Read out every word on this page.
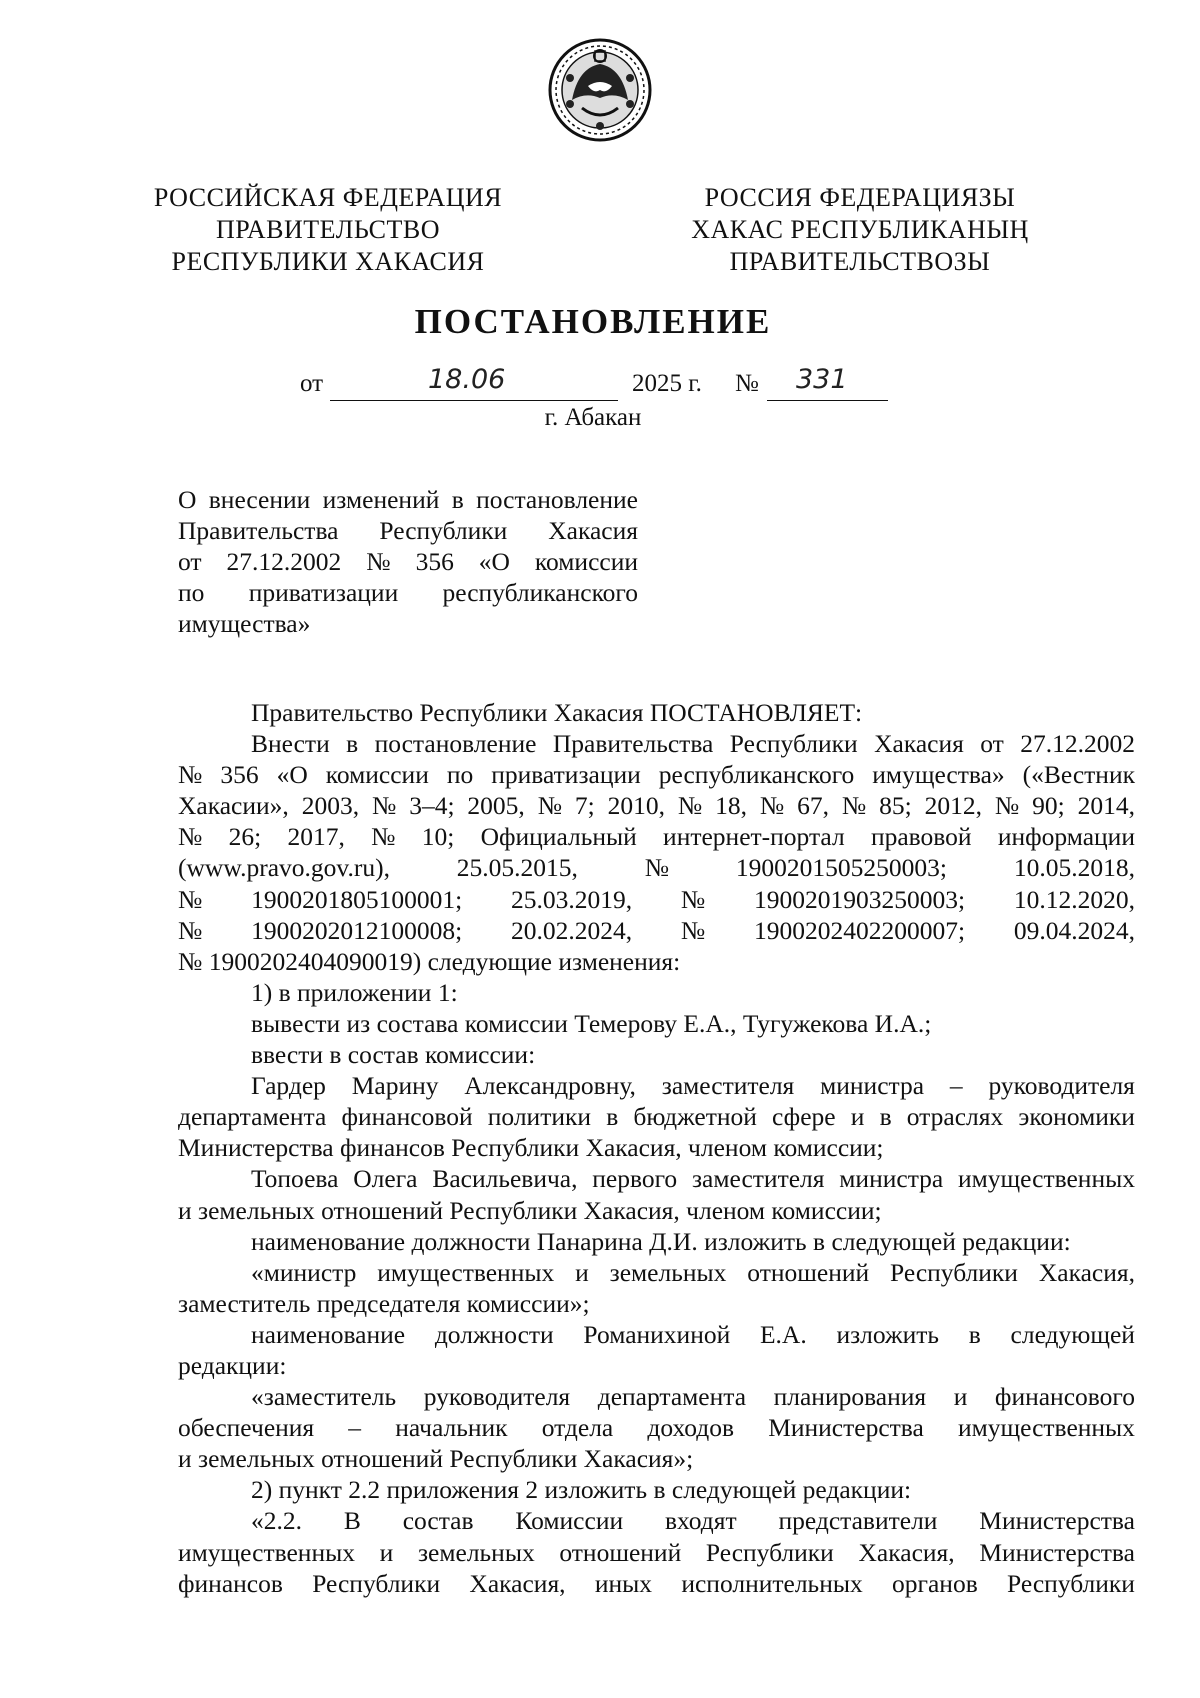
РОССИЙСКАЯ ФЕДЕРАЦИЯ
ПРАВИТЕЛЬСТВО
РЕСПУБЛИКИ ХАКАСИЯ
РОССИЯ ФЕДЕРАЦИЯЗЫ
ХАКАС РЕСПУБЛИКАНЫҢ
ПРАВИТЕЛЬСТВОЗЫ
ПОСТАНОВЛЕНИЕ
от	18.06	2025 г. № 331
г. Абакан
О внесении изменений в постановление
Правительства Республики Хакасия
от 27.12.2002 № 356 «О комиссии
по приватизации республиканского
имущества»
Правительство Республики Хакасия ПОСТАНОВЛЯЕТ:
Внести в постановление Правительства Республики Хакасия от 27.12.2002
№ 356 «О комиссии по приватизации республиканского имущества» («Вестник
Хакасии», 2003, № 3–4; 2005, № 7; 2010, № 18, № 67, № 85; 2012, № 90; 2014,
№ 26; 2017, № 10; Официальный интернет-портал правовой информации
(www.pravo.gov.ru),	25.05.2015,	№	1900201505250003;	10.05.2018,
№ 1900201805100001; 25.03.2019, № 1900201903250003; 10.12.2020,
№ 1900202012100008; 20.02.2024, № 1900202402200007; 09.04.2024,
№ 1900202404090019) следующие изменения:
1) в приложении 1:
вывести из состава комиссии Темерову Е.А., Тугужекова И.А.;
ввести в состав комиссии:
Гардер Марину Александровну, заместителя министра – руководителя
департамента финансовой политики в бюджетной сфере и в отраслях экономики
Министерства финансов Республики Хакасия, членом комиссии;
Топоева Олега Васильевича, первого заместителя министра имущественных
и земельных отношений Республики Хакасия, членом комиссии;
наименование должности Панарина Д.И. изложить в следующей редакции:
«министр имущественных и земельных отношений Республики Хакасия,
заместитель председателя комиссии»;
наименование должности Романихиной Е.А. изложить в следующей
редакции:
«заместитель руководителя департамента планирования и финансового
обеспечения – начальник отдела доходов Министерства имущественных
и земельных отношений Республики Хакасия»;
2) пункт 2.2 приложения 2 изложить в следующей редакции:
«2.2. В состав Комиссии входят представители Министерства
имущественных и земельных отношений Республики Хакасия, Министерства
финансов Республики Хакасия, иных исполнительных органов Республики
